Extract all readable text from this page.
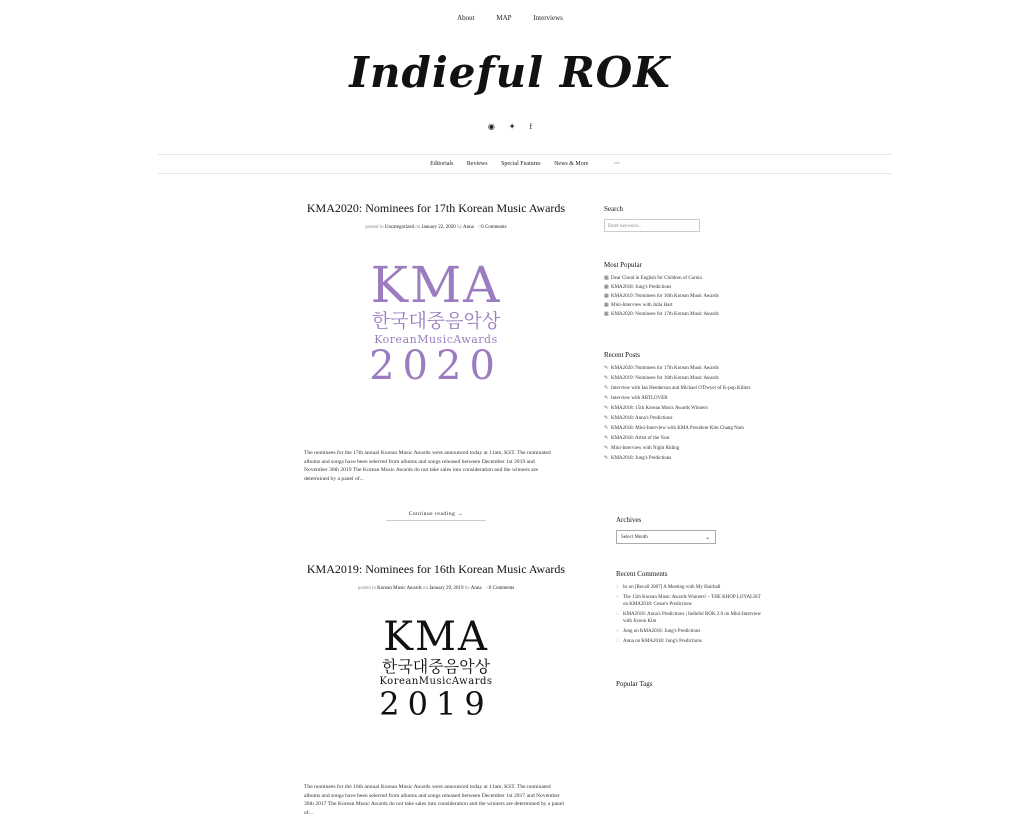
About	MAP	Interviews
Indieful ROK
◉ ✦ f
Editorials Reviews Special Features News & More	⋯
KMA2020: Nominees for 17th Korean Music Awards
posted in Uncategorized on January 22, 2020 by Anna ○0 Comments
KMA
한국대중음악상
KoreanMusicAwards
2020

The nominees for the 17th annual Korean Music Awards were announced today at 11am, KST. The nominated albums and songs have been selected from albums and songs released between December 1st 2019 and November 30th 2019 The Korean Music Awards do not take sales into consideration and the winners are determined by a panel of...

Continue reading →
KMA2019: Nominees for 16th Korean Music Awards
posted in Korean Music Awards on January 29, 2019 by Anna ○0 Comments
KMA
한국대중음악상
KoreanMusicAwards
2019

The nominees for the 16th annual Korean Music Awards were announced today at 11am, KST. The nominated albums and songs have been selected from albums and songs released between December 1st 2017 and November 30th 2017 The Korean Music Awards do not take sales into consideration and the winners are determined by a panel of...

Search
Enter keyword...
Most Popular
▦ Dear Cloud in English for Children of Carnia
▦ KMA2018: Jung's Predictions
▦ KMA2019: Nominees for 16th Korean Music Awards
▦ Mini-Interview with Julia Hart
▦ KMA2020: Nominees for 17th Korean Music Awards
Recent Posts
✎ KMA2020: Nominees for 17th Korean Music Awards
✎ KMA2019: Nominees for 16th Korean Music Awards
✎ Interview with Ian Henderson and Michael O'Dwyer of K-pop Killers
✎ Interview with ARTLOVER
✎ KMA2018: 15th Korean Music Awards Winners
✎ KMA2018: Anna's Predictions
✎ KMA2018: Mini-Interview with KMA President Kim Chang Nam
✎ KMA2018: Artist of the Year
✎ Mini-Interview with Night Riding
✎ KMA2018: Jung's Predictions
Archives
Select Month	⌄
Recent Comments
◌ bs on [Recall 2007] A Meeting with My Hairball
◌ The 15th Korean Music Awards Winners! – THE KHOP LOYALIST on KMA2018: Cesse's Predictions
◌ KMA2018: Anna's Predictions | Indieful ROK 2.0 on Mini-Interview with Jiyeon Kim
◌ Jung on KMA2018: Jung's Predictions
◌ Anna on KMA2018: Jung's Predictions
Popular Tags
